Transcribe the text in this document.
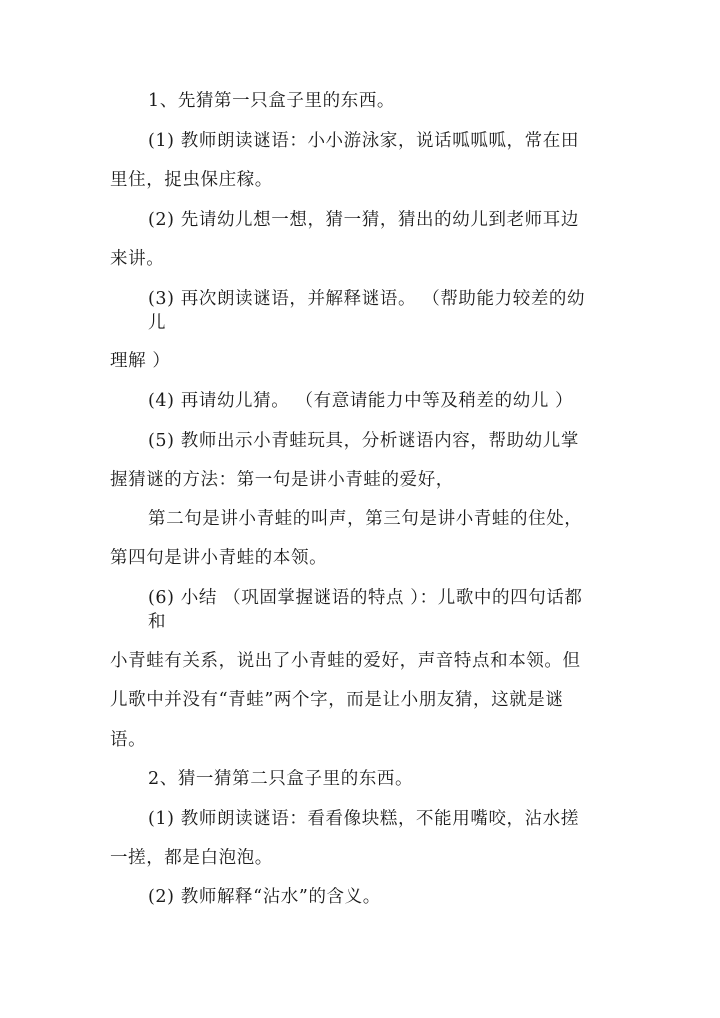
1、先猜第一只盒子里的东西。
(1) 教师朗读谜语：小小游泳家，说话呱呱呱，常在田
里住，捉虫保庄稼。
(2) 先请幼儿想一想，猜一猜，猜出的幼儿到老师耳边
来讲。
(3) 再次朗读谜语，并解释谜语。 （帮助能力较差的幼
儿
理解 ）
(4) 再请幼儿猜。 （有意请能力中等及稍差的幼儿 ）
(5) 教师出示小青蛙玩具，分析谜语内容，帮助幼儿掌
握猜谜的方法：第一句是讲小青蛙的爱好，
第二句是讲小青蛙的叫声，第三句是讲小青蛙的住处，
第四句是讲小青蛙的本领。
(6) 小结 （巩固掌握谜语的特点 ）：儿歌中的四句话都
和
小青蛙有关系，说出了小青蛙的爱好，声音特点和本领。但
儿歌中并没有“青蛙”两个字，而是让小朋友猜，这就是谜
语。
2、猜一猜第二只盒子里的东西。
(1) 教师朗读谜语：看看像块糕，不能用嘴咬，沾水搓
一搓，都是白泡泡。
(2) 教师解释“沾水”的含义。
